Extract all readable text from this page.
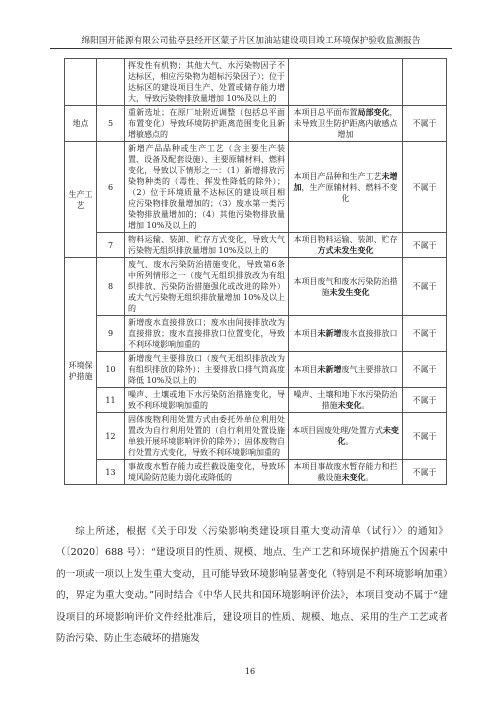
绵阳国开能源有限公司盐亭县经开区蒙子片区加油站建设项目竣工环境保护验收监测报告
		挥发性有机物；其他大气、水污染物因子不达标区，相应污染物为超标污染因子）；位于达标区的建设项目生产、处置或储存能力增大，导致污染物排放量增加 10%及以上的		
地点	5	重新选址；在原厂址附近调整（包括总平面布置变化）导致环境防护距离范围变化且新增敏感点的	本项目总平面布置局部变化，未导致卫生防护距离内敏感点增加	不属于
生产工艺	6	新增产品品种或生产工艺（含主要生产装置、设备及配套设施）、主要原辅材料、燃料变化，导致以下情形之一：（1）新增排放污染物种类的（毒性、挥发性降低的除外）；（2）位于环境质量不达标区的建设项目相应污染物排放量增加的；（3）废水第一类污染物排放量增加的；（4）其他污染物排放量增加 10%及以上的	本项目产品种和生产工艺未增加，生产原辅材料、燃料不变化	不属于
	7	物料运输、装卸、贮存方式变化，导致大气污染物无组织排放量增加 10%及以上的	本项目物料运输、装卸、贮存方式未发生变化	不属于
环境保护措施	8	废气、废水污染防治措施变化，导致第6条中所列情形之一（废气无组织排放改为有组织排放、污染防治措施强化或改进的除外）或大气污染物无组织排放量增加 10%及以上的	本项目废气和废水污染防治措施未发生变化	不属于
	9	新增废水直接排放口；废水由间接排放改为直接排放；废水直接排放口位置变化，导致不利环境影响加重的	本项目未新增废水直接排放口	不属于
	10	新增废气主要排放口（废气无组织排放改为有组织排放的除外）；主要排放口排气筒高度降低 10%及以上的	本项目未新增废气主要排放口	不属于
	11	噪声、土壤或地下水污染防治措施变化，导致不利环境影响加重的	噪声、土壤和地下水污染防治措施未变化。	不属于
	12	固体废物利用处置方式由委托外单位利用处置改为自行利用处置的（自行利用处置设施单独开展环境影响评价的除外）；固体废物自行处置方式变化，导致不利环境影响加重的	本项目固废处理/处置方式未变化。	不属于
	13	事故废水暂存能力或拦截设施变化，导致环境风险防范能力弱化或降低的	本项目事故废水暂存能力和拦截设施未变化。	不属于

综上所述，根据《关于印发〈污染影响类建设项目重大变动清单（试行）〉的通知》（〔2020〕688 号）：“建设项目的性质、规模、地点、生产工艺和环境保护措施五个因素中的一项或一项以上发生重大变动，且可能导致环境影响显著变化（特别是不利环境影响加重）的，界定为重大变动。”同时结合《中华人民共和国环境影响评价法》，本项目变动不属于“建设项目的环境影响评价文件经批准后，建设项目的性质、规模、地点、采用的生产工艺或者防治污染、防止生态破坏的措施发

16
